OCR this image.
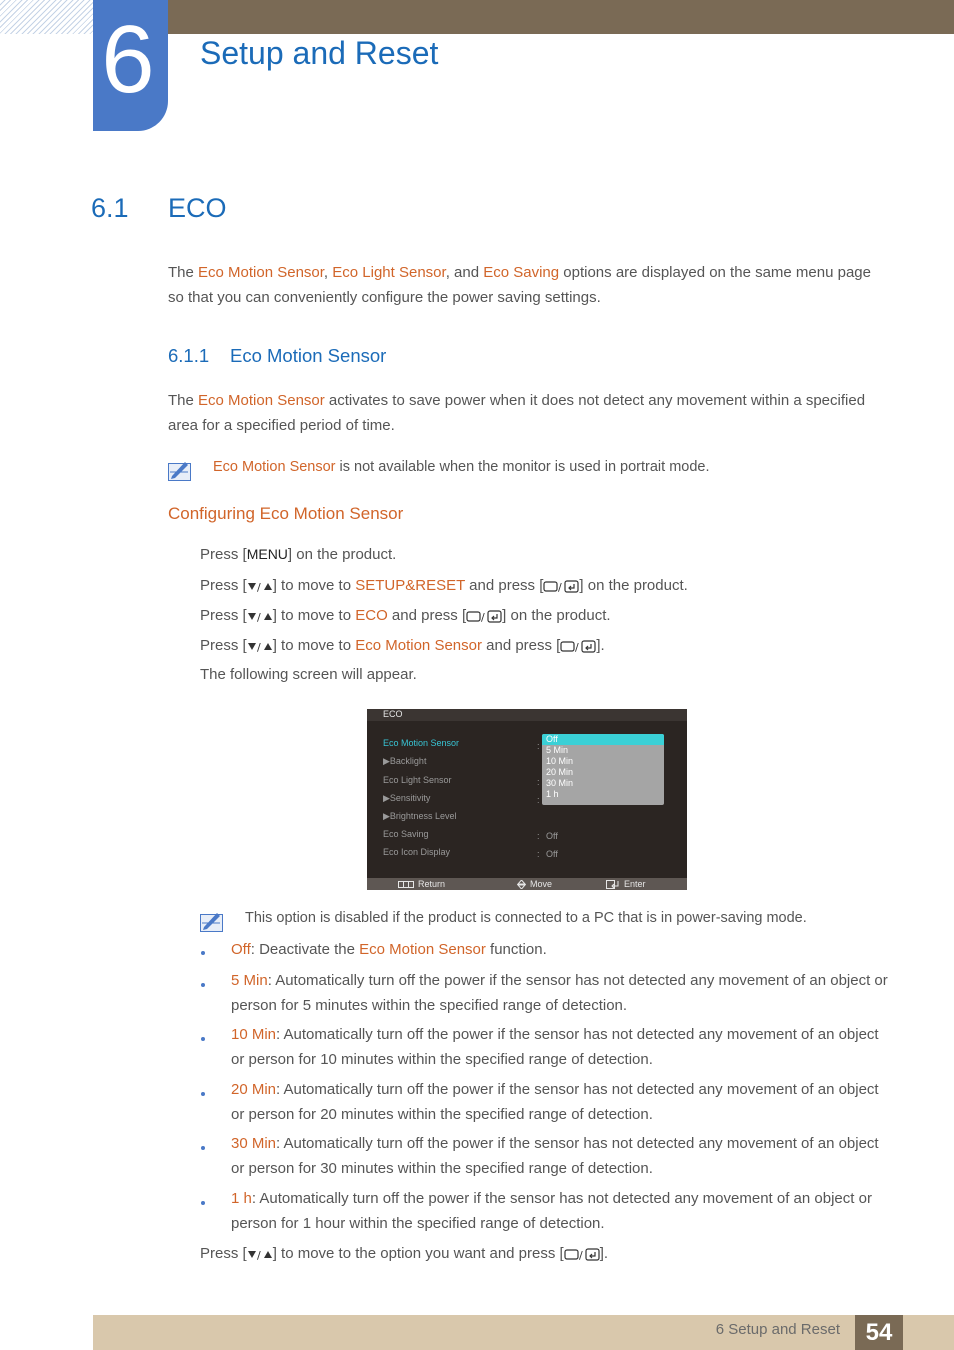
6 Setup and Reset
6.1 ECO
The Eco Motion Sensor, Eco Light Sensor, and Eco Saving options are displayed on the same menu page so that you can conveniently configure the power saving settings.
6.1.1 Eco Motion Sensor
The Eco Motion Sensor activates to save power when it does not detect any movement within a specified area for a specified period of time.
Eco Motion Sensor is not available when the monitor is used in portrait mode.
Configuring Eco Motion Sensor
Press [MENU] on the product.
Press [ / ] to move to SETUP&RESET and press [ / ] on the product.
Press [ / ] to move to ECO and press [ / ] on the product.
Press [ / ] to move to Eco Motion Sensor and press [ / ].
The following screen will appear.
ECO
Eco Motion Sensor
▶Backlight
Eco Light Sensor
▶Sensitivity
▶Brightness Level
Eco Saving
Eco Icon Display
:
:
:
:
:
Off
Off
Off
5 Min
10 Min
20 Min
30 Min
1 h
Return	Move	Enter
This option is disabled if the product is connected to a PC that is in power-saving mode.
Off: Deactivate the Eco Motion Sensor function.
5 Min: Automatically turn off the power if the sensor has not detected any movement of an object or person for 5 minutes within the specified range of detection.
10 Min: Automatically turn off the power if the sensor has not detected any movement of an object or person for 10 minutes within the specified range of detection.
20 Min: Automatically turn off the power if the sensor has not detected any movement of an object or person for 20 minutes within the specified range of detection.
30 Min: Automatically turn off the power if the sensor has not detected any movement of an object or person for 30 minutes within the specified range of detection.
1 h: Automatically turn off the power if the sensor has not detected any movement of an object or person for 1 hour within the specified range of detection.
Press [ / ] to move to the option you want and press [ / ].
6 Setup and Reset	54
